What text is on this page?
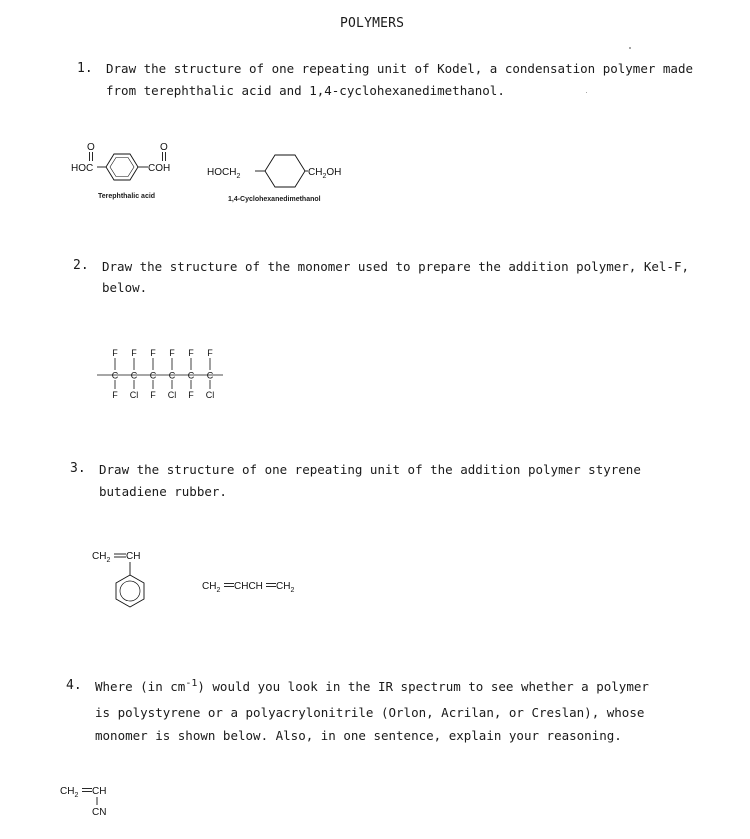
POLYMERS
1. Draw the structure of one repeating unit of Kodel, a condensation polymer made
from terephthalic acid and 1,4-cyclohexanedimethanol.
O
HOC
O
COH
Terephthalic acid
$HOCH_2$	$CH_2OH$
1,4-Cyclohexanedimethanol
2. Draw the structure of the monomer used to prepare the addition polymer, Kel-F,
below.
F
C
F
F
C
Cl
F
C
F
F
C
Cl
F
C
F
F
C
Cl
3. Draw the structure of one repeating unit of the addition polymer styrene
butadiene rubber.
$CH_2$ CH
$CH_2$ CHCH $CH_2$
4. Where (in $cm^{-1}$) would you look in the IR spectrum to see whether a polymer
is polystyrene or a polyacrylonitrile (Orlon, Acrilan, or Creslan), whose
monomer is shown below. Also, in one sentence, explain your reasoning.
$CH_2$ CH
CN
